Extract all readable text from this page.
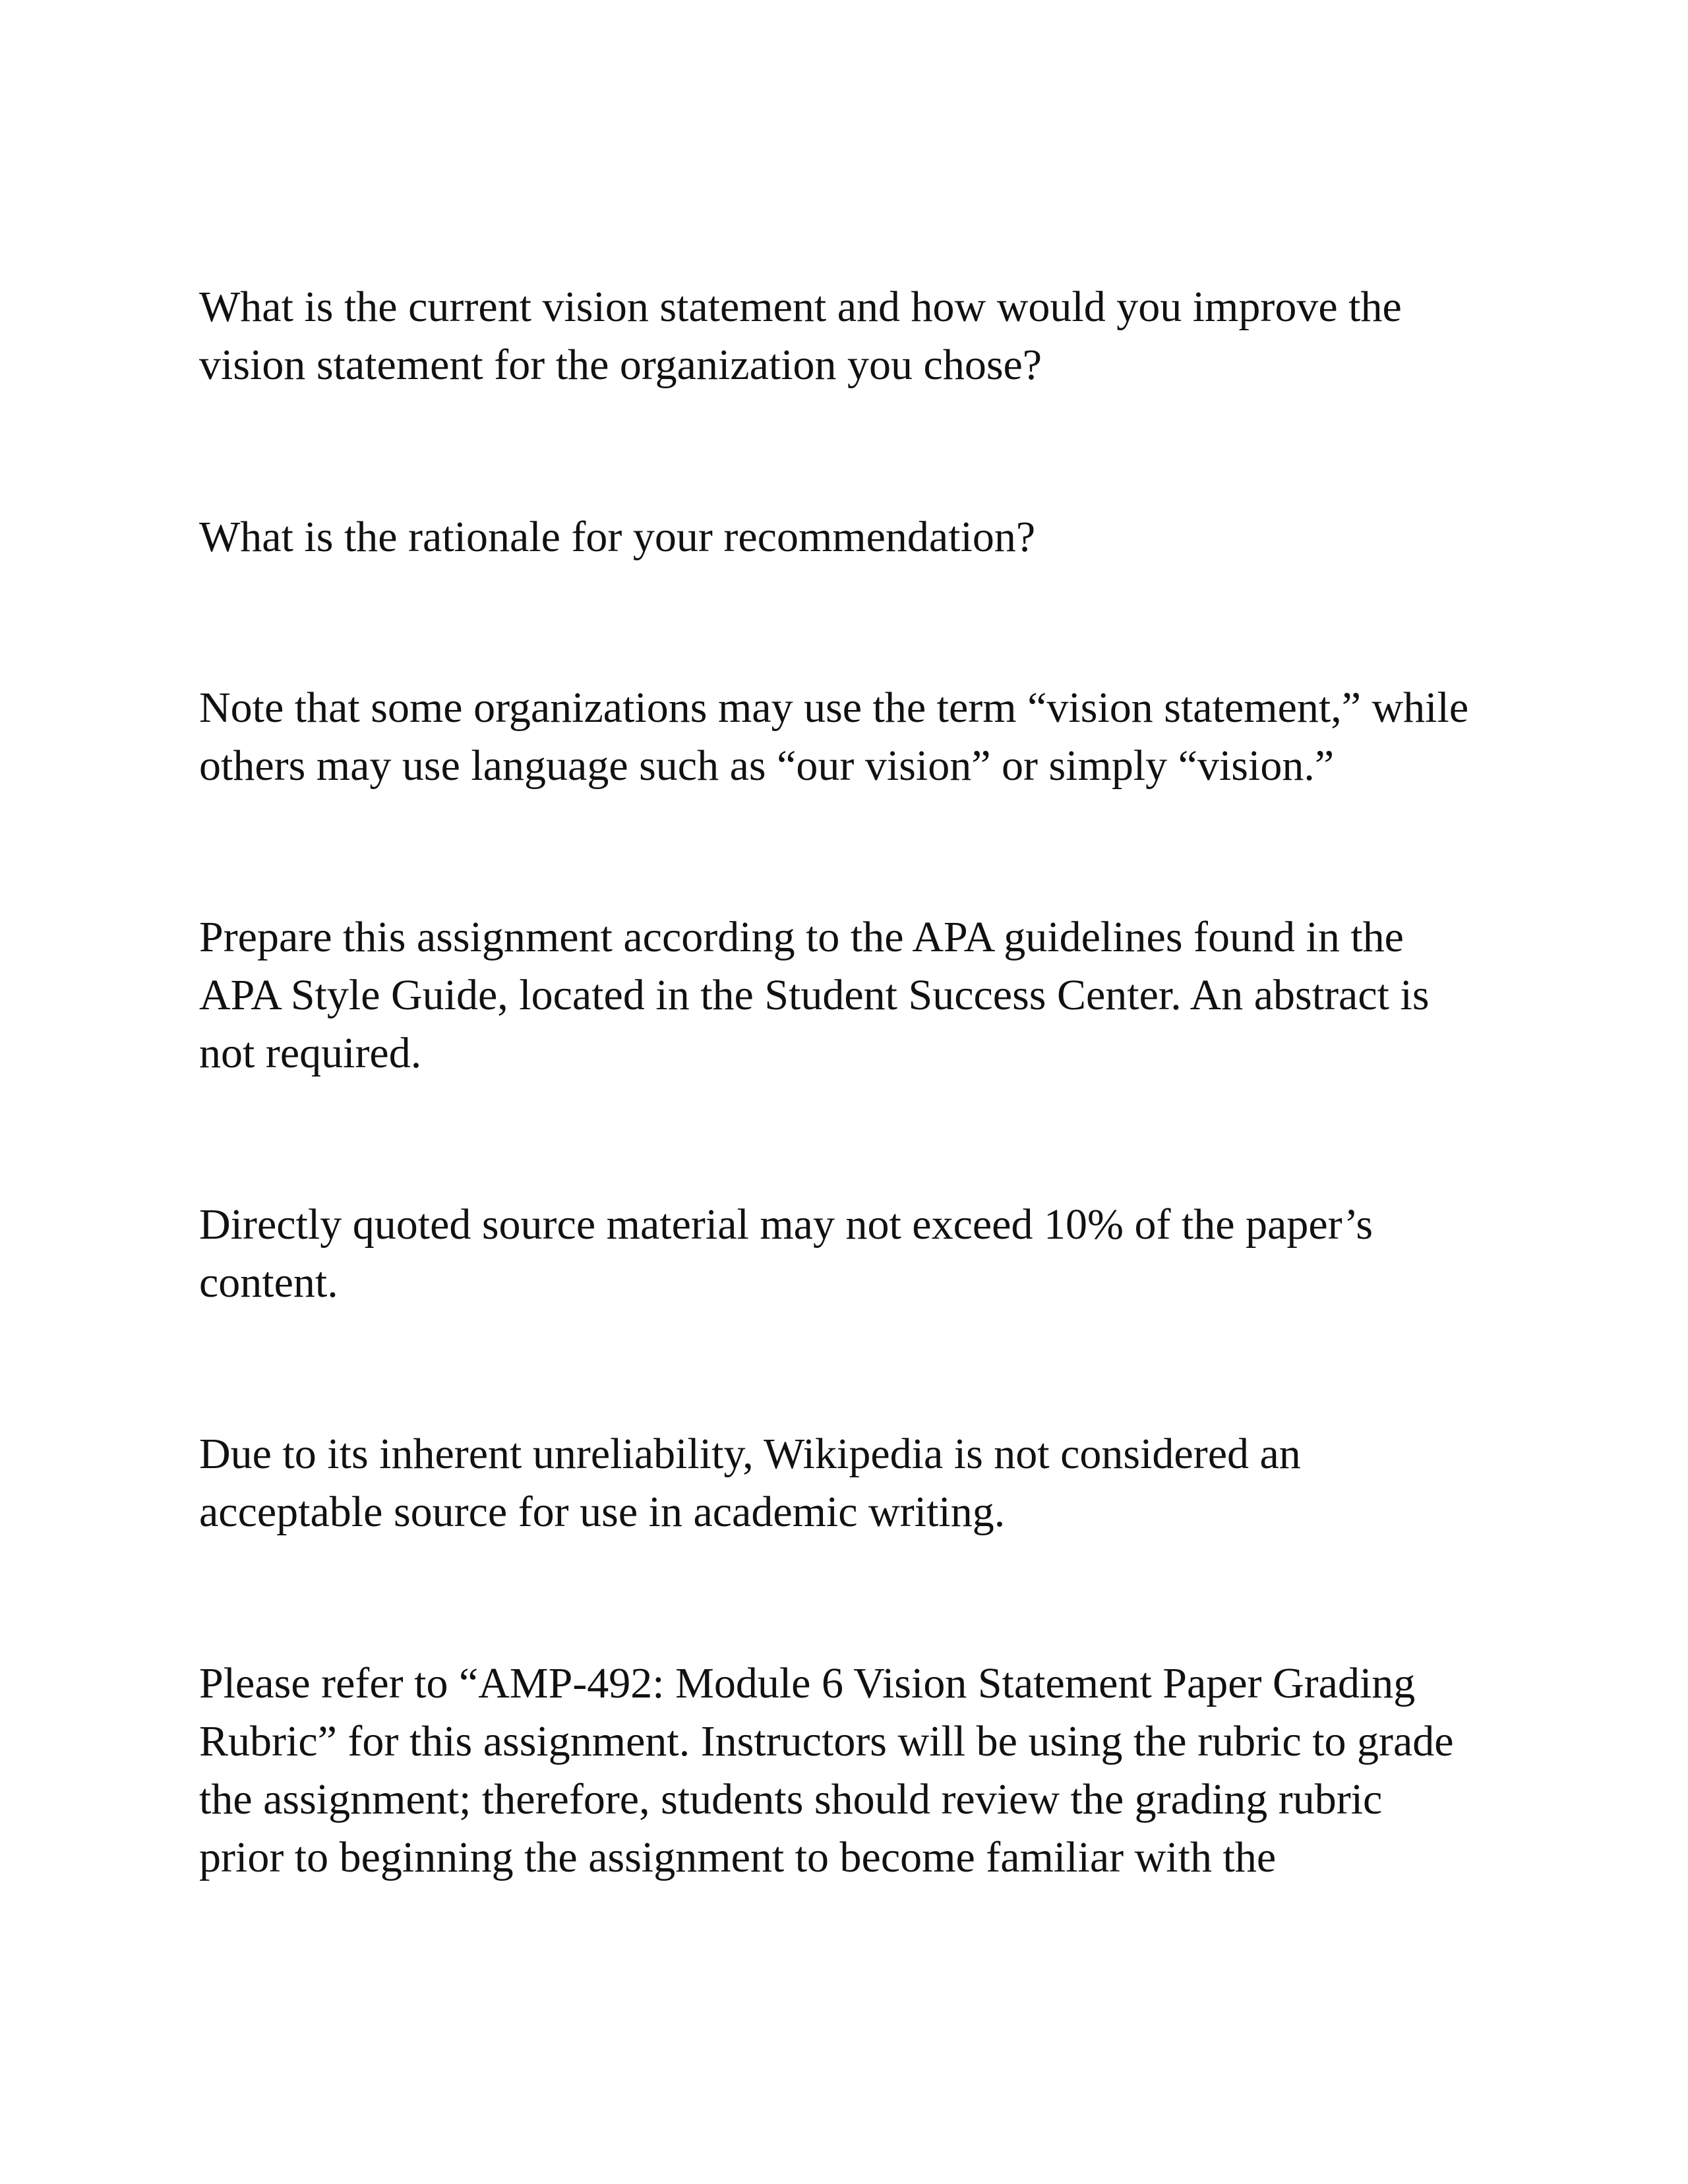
What is the current vision statement and how would you improve the
vision statement for the organization you chose?

What is the rationale for your recommendation?

Note that some organizations may use the term “vision statement,” while
others may use language such as “our vision” or simply “vision.”

Prepare this assignment according to the APA guidelines found in the
APA Style Guide, located in the Student Success Center. An abstract is
not required.

Directly quoted source material may not exceed 10% of the paper’s
content.

Due to its inherent unreliability, Wikipedia is not considered an
acceptable source for use in academic writing.

Please refer to “AMP-492: Module 6 Vision Statement Paper Grading
Rubric” for this assignment. Instructors will be using the rubric to grade
the assignment; therefore, students should review the grading rubric
prior to beginning the assignment to become familiar with the
